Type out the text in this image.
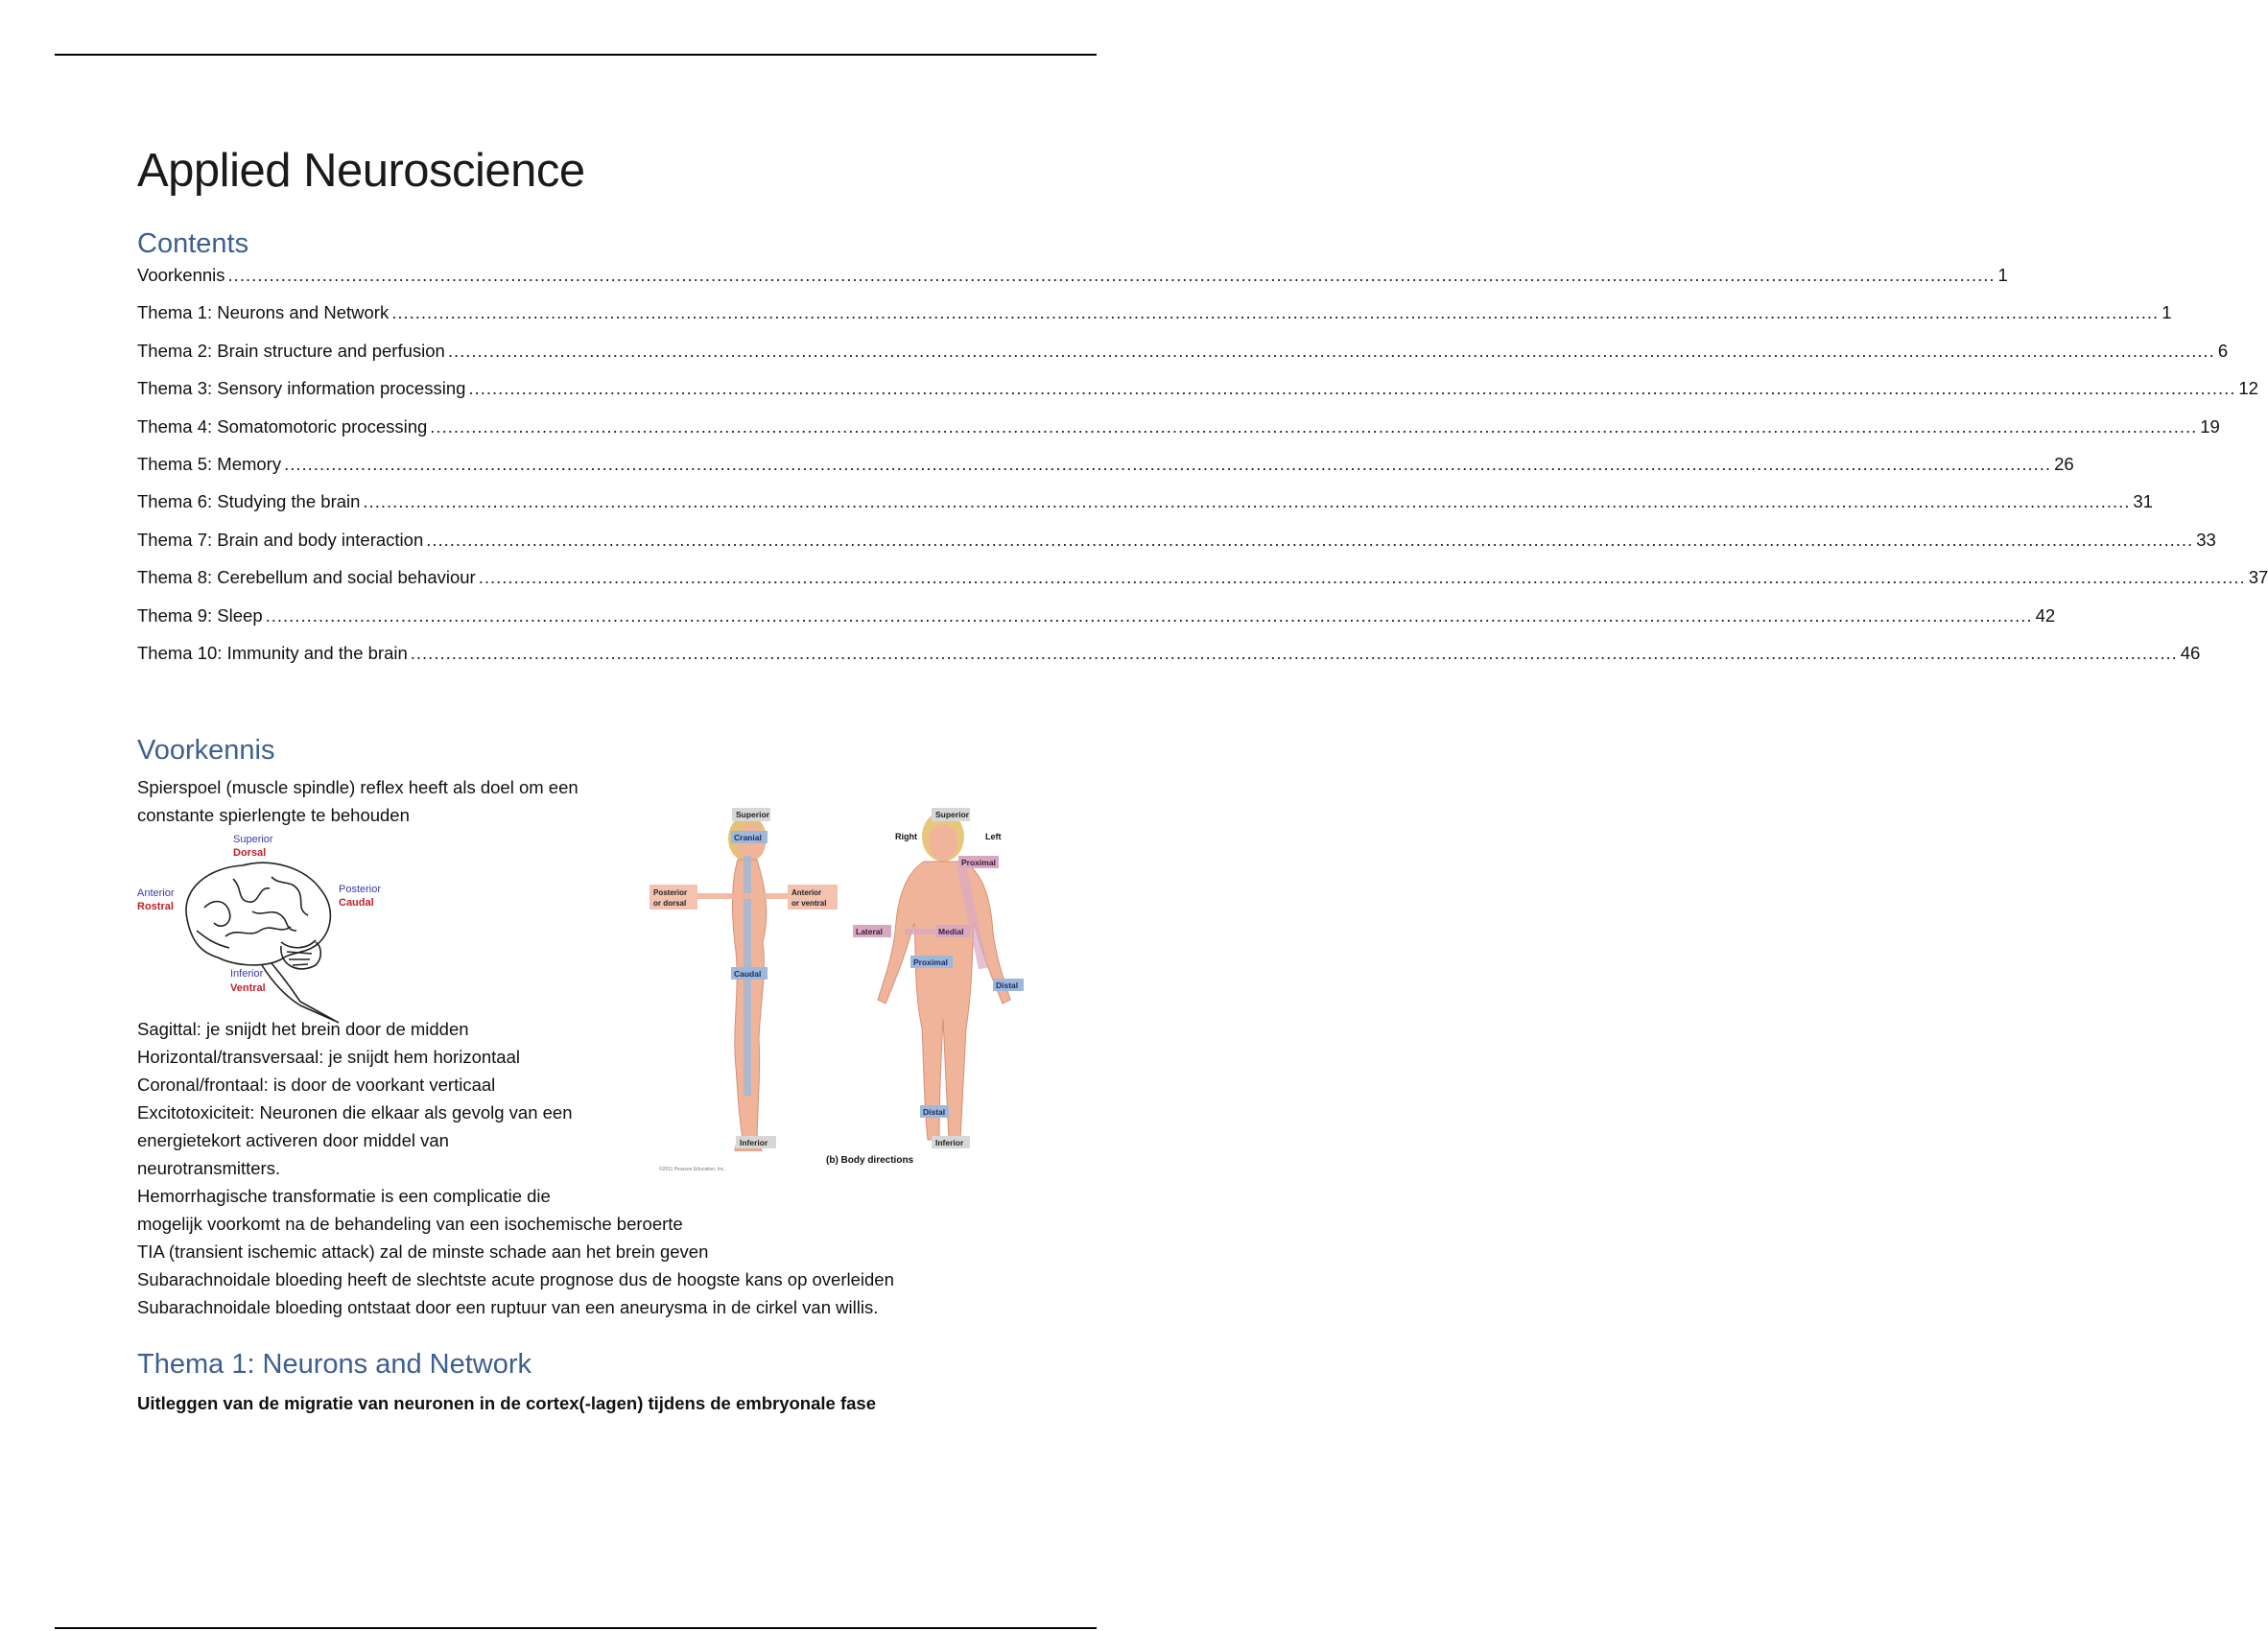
Applied Neuroscience
Contents
Voorkennis ............................................................................................................................................................................................................................................................................................................ 1
Thema 1: Neurons and Network ............................................................................................................................................................................................................................................................................................................ 1
Thema 2: Brain structure and perfusion ............................................................................................................................................................................................................................................................................................................ 6
Thema 3: Sensory information processing ............................................................................................................................................................................................................................................................................................................ 12
Thema 4: Somatomotoric processing ............................................................................................................................................................................................................................................................................................................ 19
Thema 5: Memory ............................................................................................................................................................................................................................................................................................................ 26
Thema 6: Studying the brain ............................................................................................................................................................................................................................................................................................................ 31
Thema 7: Brain and body interaction ............................................................................................................................................................................................................................................................................................................ 33
Thema 8: Cerebellum and social behaviour ............................................................................................................................................................................................................................................................................................................ 37
Thema 9: Sleep ............................................................................................................................................................................................................................................................................................................ 42
Thema 10: Immunity and the brain ............................................................................................................................................................................................................................................................................................................ 46
Voorkennis

Spierspoel (muscle spindle) reflex heeft als doel om een

constante spierlengte te behouden

Superior
Dorsal
Anterior
Rostral
Posterior
Caudal
Inferior
Ventral
Superior
Cranial
Posterior
or dorsal
Anterior
or ventral
Caudal
Inferior
Superior
Right	Left
Proximal
Lateral	Medial
Proximal
Distal
Distal
Inferior
©2011 Pearson Education, Inc.
(b) Body directions

Sagittal: je snijdt het brein door de midden

Horizontal/transversaal: je snijdt hem horizontaal

Coronal/frontaal: is door de voorkant verticaal

Excitotoxiciteit: Neuronen die elkaar als gevolg van een

energietekort activeren door middel van

neurotransmitters.

Hemorrhagische transformatie is een complicatie die

mogelijk voorkomt na de behandeling van een isochemische beroerte

TIA (transient ischemic attack) zal de minste schade aan het brein geven

Subarachnoidale bloeding heeft de slechtste acute prognose dus de hoogste kans op overleiden

Subarachnoidale bloeding ontstaat door een ruptuur van een aneurysma in de cirkel van willis.

Thema 1: Neurons and Network
Uitleggen van de migratie van neuronen in de cortex(-lagen) tijdens de embryonale fase
